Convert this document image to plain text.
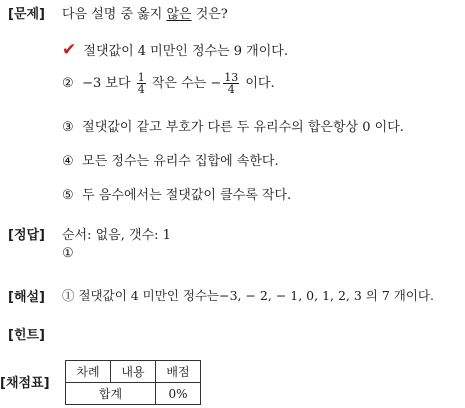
[문제] 다음 설명 중 옳지 않은 것은?
✔ 절댓값이 4 미만인 정수는 9 개이다.
② −3 보다 $\frac{1}{4}$ 작은 수는 − $\frac{13}{4}$ 이다.
③ 절댓값이 같고 부호가 다른 두 유리수의 합은항상 0 이다.
④ 모든 정수는 유리수 집합에 속한다.
⑤ 두 음수에서는 절댓값이 클수록 작다.
[정답] 순서: 없음, 갯수: 1
①
[해설] ① 절댓값이 4 미만인 정수는−3, − 2, − 1, 0, 1, 2, 3 의 7 개이다.
[힌트]
[채점표]
차례	내용	배점
합계		0%
